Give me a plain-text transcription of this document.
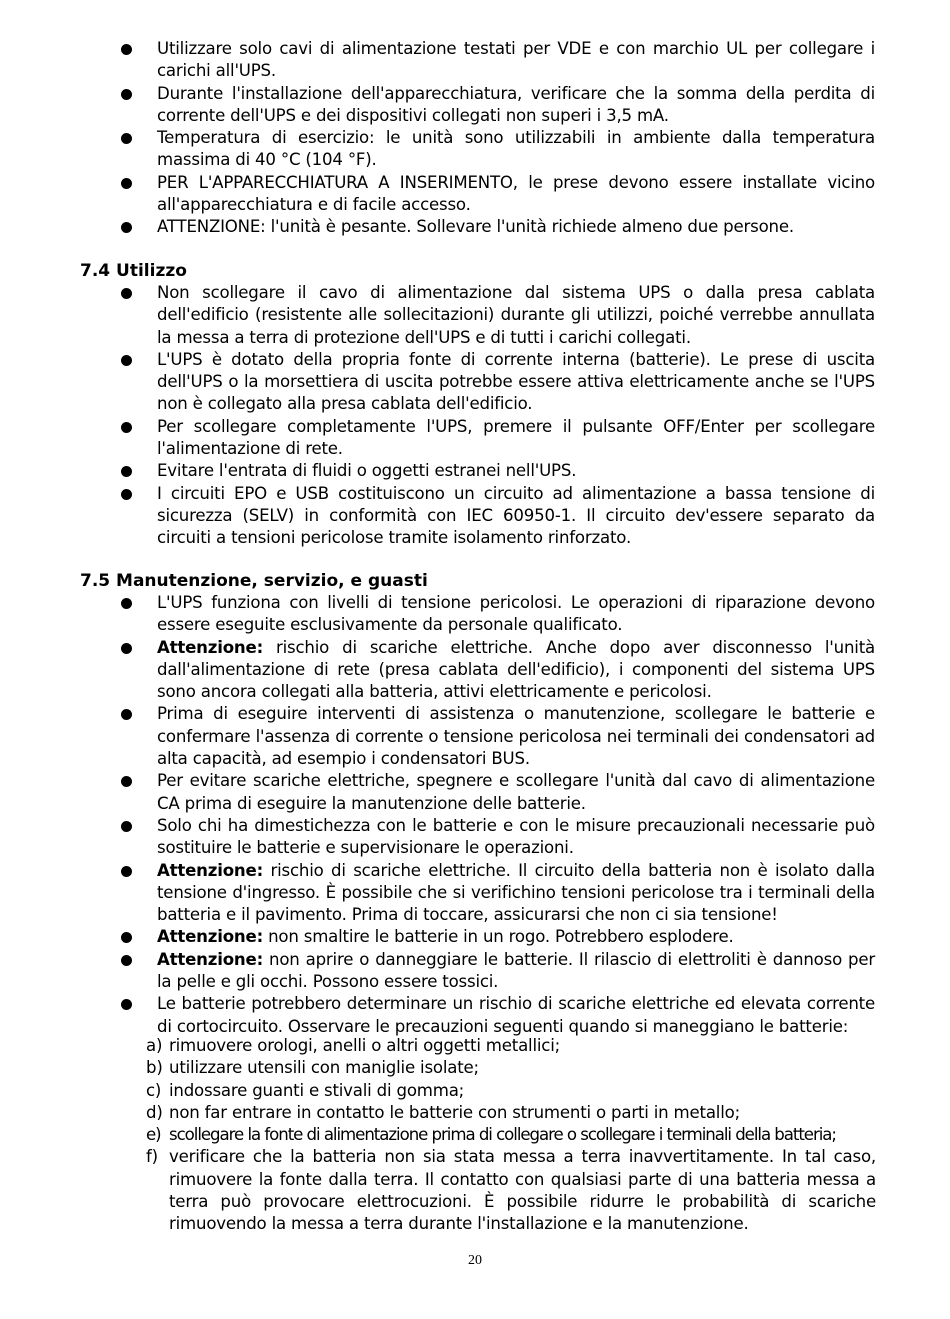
Utilizzare solo cavi di alimentazione testati per VDE e con marchio UL per collegare i carichi all'UPS.
Durante l'installazione dell'apparecchiatura, verificare che la somma della perdita di corrente dell'UPS e dei dispositivi collegati non superi i 3,5 mA.
Temperatura di esercizio: le unità sono utilizzabili in ambiente dalla temperatura massima di 40 °C (104 °F).
PER L'APPARECCHIATURA A INSERIMENTO, le prese devono essere installate vicino all'apparecchiatura e di facile accesso.
ATTENZIONE: l'unità è pesante. Sollevare l'unità richiede almeno due persone.
7.4 Utilizzo
Non scollegare il cavo di alimentazione dal sistema UPS o dalla presa cablata dell'edificio (resistente alle sollecitazioni) durante gli utilizzi, poiché verrebbe annullata la messa a terra di protezione dell'UPS e di tutti i carichi collegati.
L'UPS è dotato della propria fonte di corrente interna (batterie). Le prese di uscita dell'UPS o la morsettiera di uscita potrebbe essere attiva elettricamente anche se l'UPS non è collegato alla presa cablata dell'edificio.
Per scollegare completamente l'UPS, premere il pulsante OFF/Enter per scollegare l'alimentazione di rete.
Evitare l'entrata di fluidi o oggetti estranei nell'UPS.
I circuiti EPO e USB costituiscono un circuito ad alimentazione a bassa tensione di sicurezza (SELV) in conformità con IEC 60950-1. Il circuito dev'essere separato da circuiti a tensioni pericolose tramite isolamento rinforzato.
7.5 Manutenzione, servizio, e guasti
L'UPS funziona con livelli di tensione pericolosi. Le operazioni di riparazione devono essere eseguite esclusivamente da personale qualificato.
Attenzione: rischio di scariche elettriche. Anche dopo aver disconnesso l'unità dall'alimentazione di rete (presa cablata dell'edificio), i componenti del sistema UPS sono ancora collegati alla batteria, attivi elettricamente e pericolosi.
Prima di eseguire interventi di assistenza o manutenzione, scollegare le batterie e confermare l'assenza di corrente o tensione pericolosa nei terminali dei condensatori ad alta capacità, ad esempio i condensatori BUS.
Per evitare scariche elettriche, spegnere e scollegare l'unità dal cavo di alimentazione CA prima di eseguire la manutenzione delle batterie.
Solo chi ha dimestichezza con le batterie e con le misure precauzionali necessarie può sostituire le batterie e supervisionare le operazioni.
Attenzione: rischio di scariche elettriche. Il circuito della batteria non è isolato dalla tensione d'ingresso. È possibile che si verifichino tensioni pericolose tra i terminali della batteria e il pavimento. Prima di toccare, assicurarsi che non ci sia tensione!
Attenzione: non smaltire le batterie in un rogo. Potrebbero esplodere.
Attenzione: non aprire o danneggiare le batterie. Il rilascio di elettroliti è dannoso per la pelle e gli occhi. Possono essere tossici.
Le batterie potrebbero determinare un rischio di scariche elettriche ed elevata corrente di cortocircuito. Osservare le precauzioni seguenti quando si maneggiano le batterie:
a) rimuovere orologi, anelli o altri oggetti metallici;
b) utilizzare utensili con maniglie isolate;
c) indossare guanti e stivali di gomma;
d) non far entrare in contatto le batterie con strumenti o parti in metallo;
e) scollegare la fonte di alimentazione prima di collegare o scollegare i terminali della batteria;
f) verificare che la batteria non sia stata messa a terra inavvertitamente. In tal caso, rimuovere la fonte dalla terra. Il contatto con qualsiasi parte di una batteria messa a terra può provocare elettrocuzioni. È possibile ridurre le probabilità di scariche rimuovendo la messa a terra durante l'installazione e la manutenzione.
20
